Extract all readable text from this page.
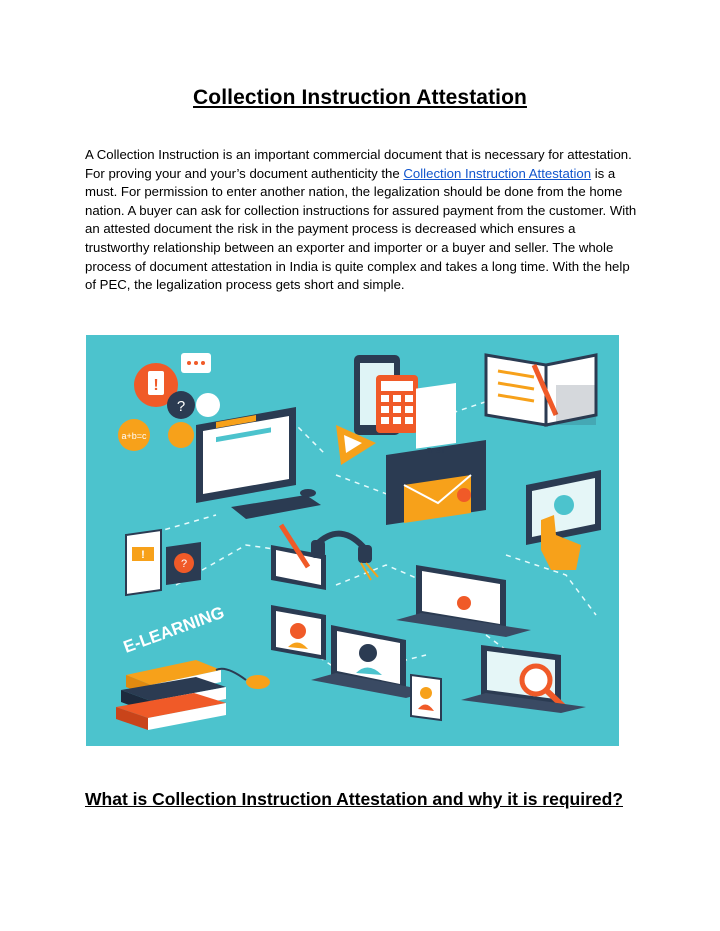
Collection Instruction Attestation

A Collection Instruction is an important commercial document that is necessary for attestation. For proving your and your’s document authenticity the Collection Instruction Attestation is a must. For permission to enter another nation, the legalization should be done from the home nation. A buyer can ask for collection instructions for assured payment from the customer. With an attested document the risk in the payment process is decreased which ensures a trustworthy relationship between an exporter and importer or a buyer and seller. The whole process of document attestation in India is quite complex and takes a long time. With the help of PEC, the legalization process gets short and simple.

!
?
a+b=c
TEST
!
?
E-LEARNING
What is Collection Instruction Attestation and why it is required?
